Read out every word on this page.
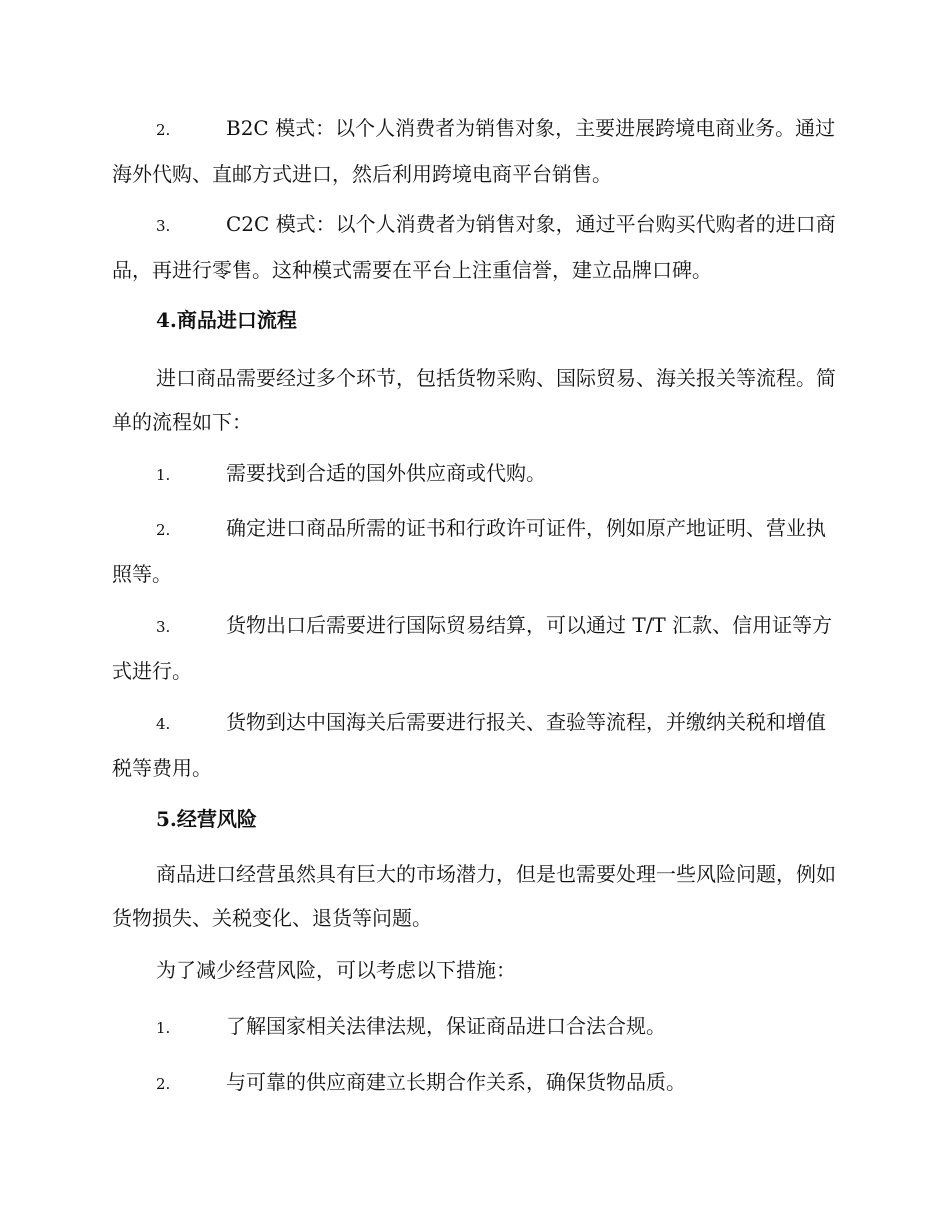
2.	B2C 模式：以个人消费者为销售对象，主要进展跨境电商业务。通过海外代购、直邮方式进口，然后利用跨境电商平台销售。

3.	C2C 模式：以个人消费者为销售对象，通过平台购买代购者的进口商品，再进行零售。这种模式需要在平台上注重信誉，建立品牌口碑。

4.商品进口流程

进口商品需要经过多个环节，包括货物采购、国际贸易、海关报关等流程。简单的流程如下：

1.	需要找到合适的国外供应商或代购。

2.	确定进口商品所需的证书和行政许可证件，例如原产地证明、营业执照等。

3.	货物出口后需要进行国际贸易结算，可以通过 T/T 汇款、信用证等方式进行。

4.	货物到达中国海关后需要进行报关、查验等流程，并缴纳关税和增值税等费用。

5.经营风险

商品进口经营虽然具有巨大的市场潜力，但是也需要处理一些风险问题，例如货物损失、关税变化、退货等问题。

为了减少经营风险，可以考虑以下措施：

1.	了解国家相关法律法规，保证商品进口合法合规。

2.	与可靠的供应商建立长期合作关系，确保货物品质。
